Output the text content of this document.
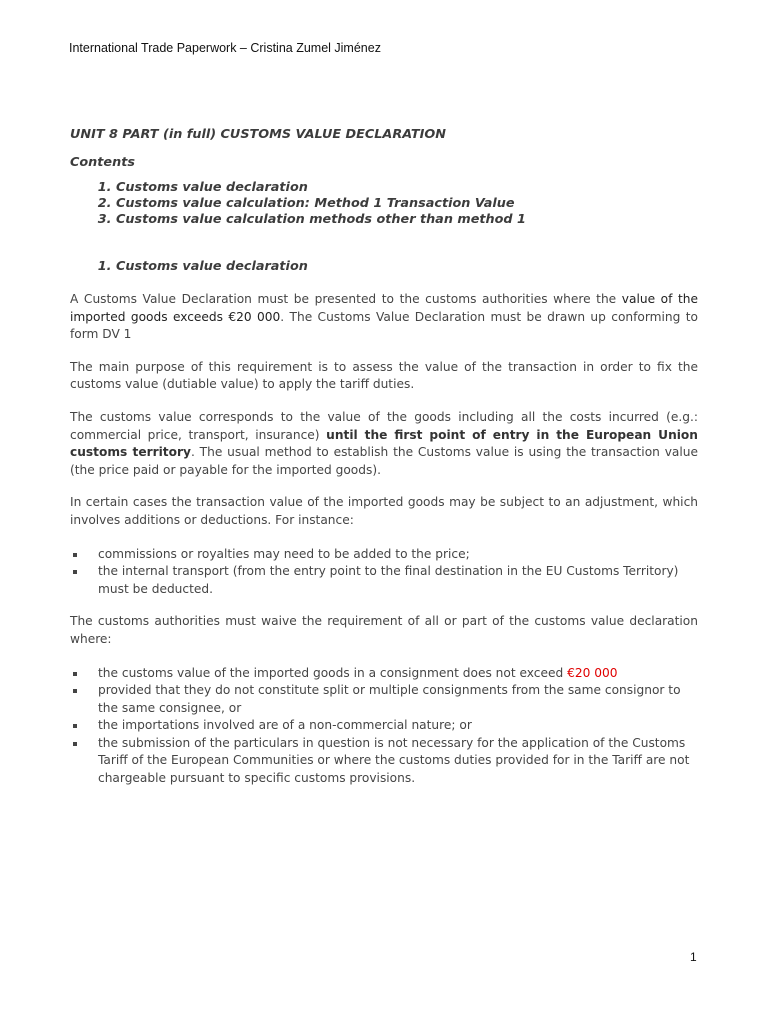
International Trade Paperwork – Cristina Zumel Jiménez
UNIT 8 PART (in full) CUSTOMS VALUE DECLARATION
Contents
1. Customs value declaration
2. Customs value calculation: Method 1 Transaction Value
3. Customs value calculation methods other than method 1
1. Customs value declaration

A Customs Value Declaration must be presented to the customs authorities where the value of the imported goods exceeds €20 000. The Customs Value Declaration must be drawn up conforming to form DV 1

The main purpose of this requirement is to assess the value of the transaction in order to fix the customs value (dutiable value) to apply the tariff duties.

The customs value corresponds to the value of the goods including all the costs incurred (e.g.: commercial price, transport, insurance) until the first point of entry in the European Union customs territory. The usual method to establish the Customs value is using the transaction value (the price paid or payable for the imported goods).

In certain cases the transaction value of the imported goods may be subject to an adjustment, which involves additions or deductions. For instance:

commissions or royalties may need to be added to the price;
the internal transport (from the entry point to the final destination in the EU Customs Territory) must be deducted.

The customs authorities must waive the requirement of all or part of the customs value declaration where:

the customs value of the imported goods in a consignment does not exceed €20 000
provided that they do not constitute split or multiple consignments from the same consignor to the same consignee, or
the importations involved are of a non-commercial nature; or
the submission of the particulars in question is not necessary for the application of the Customs Tariff of the European Communities or where the customs duties provided for in the Tariff are not chargeable pursuant to specific customs provisions.
1
